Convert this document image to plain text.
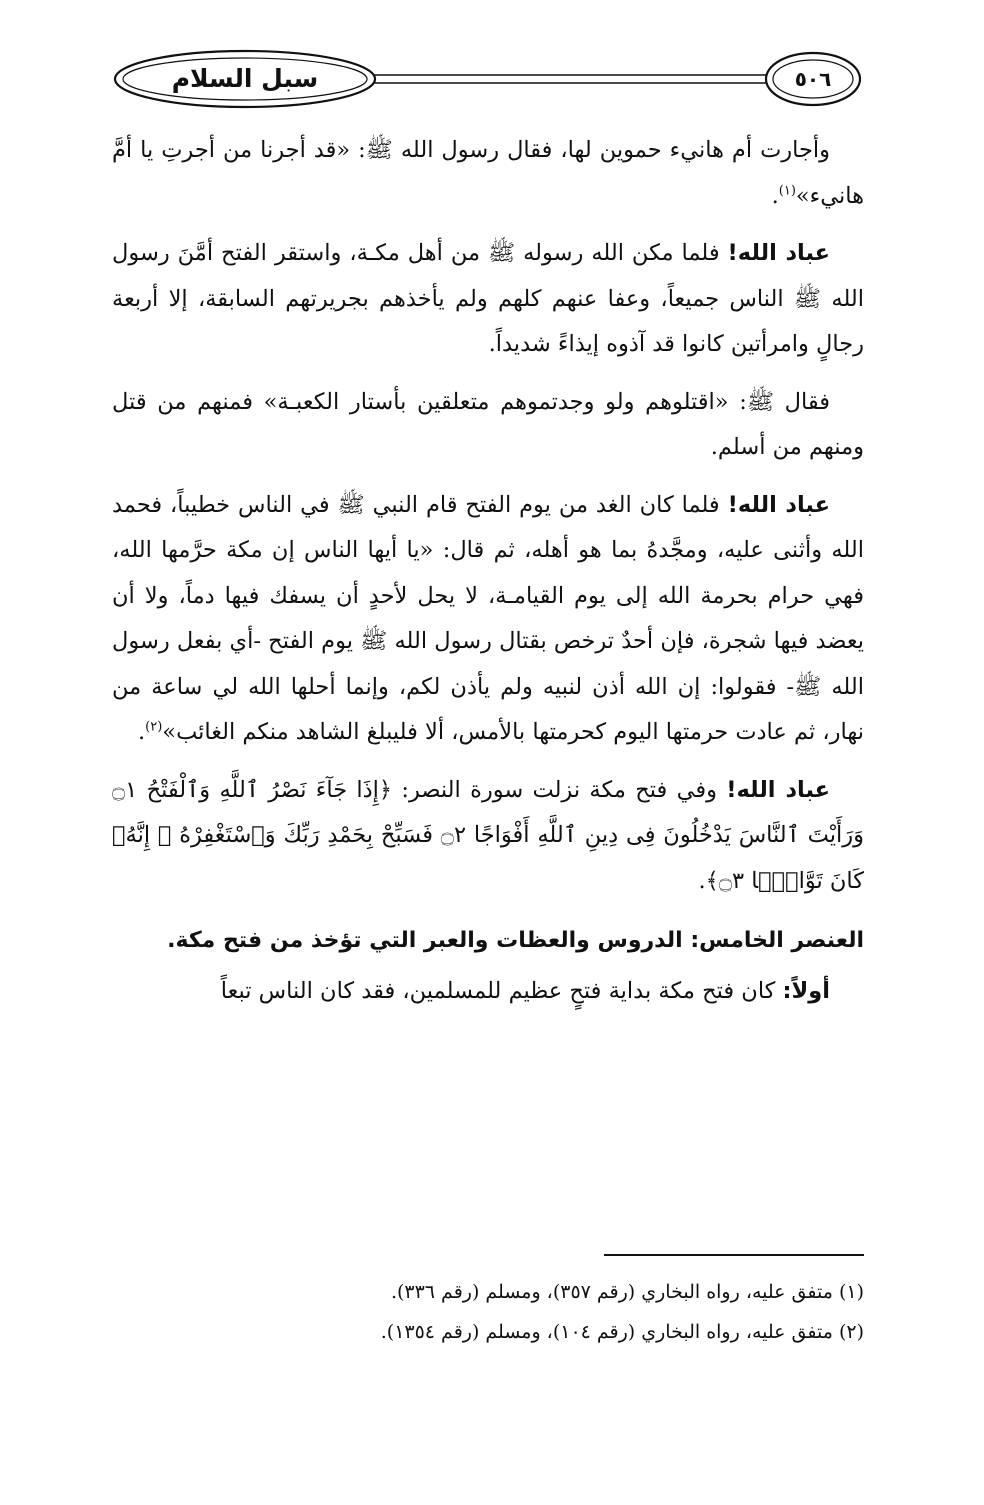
سبل السلام	٥٠٦

وأجارت أم هانيء حموين لها، فقال رسول الله ﷺ: «قد أجرنا من أجرتِ يا أمَّ هانيء»$^{(١)}$.

عباد الله! فلما مكن الله رسوله ﷺ من أهل مكـة، واستقر الفتح أمَّنَ رسول الله ﷺ الناس جميعاً، وعفا عنهم كلهم ولم يأخذهم بجريرتهم السابقة، إلا أربعة رجالٍ وامرأتين كانوا قد آذوه إيذاءً شديداً.

فقال ﷺ: «اقتلوهم ولو وجدتموهم متعلقين بأستار الكعبـة» فمنهم من قتل ومنهم من أسلم.

عباد الله! فلما كان الغد من يوم الفتح قام النبي ﷺ في الناس خطيباً، فحمد الله وأثنى عليه، ومجَّدهُ بما هو أهله، ثم قال: «يا أيها الناس إن مكة حرَّمها الله، فهي حرام بحرمة الله إلى يوم القيامـة، لا يحل لأحدٍ أن يسفك فيها دماً، ولا أن يعضد فيها شجرة، فإن أحدٌ ترخص بقتال رسول الله ﷺ يوم الفتح -أي بفعل رسول الله ﷺ- فقولوا: إن الله أذن لنبيه ولم يأذن لكم، وإنما أحلها الله لي ساعة من نهار، ثم عادت حرمتها اليوم كحرمتها بالأمس، ألا فليبلغ الشاهد منكم الغائب»$^{(٢)}$.

عباد الله! وفي فتح مكة نزلت سورة النصر: ﴿إِذَا جَآءَ نَصْرُ ٱللَّهِ وَٱلْفَتْحُ ۝١ وَرَأَيْتَ ٱلنَّاسَ يَدْخُلُونَ فِى دِينِ ٱللَّهِ أَفْوَاجًا ۝٢ فَسَبِّحْ بِحَمْدِ رَبِّكَ وَٱسْتَغْفِرْهُ ۚ إِنَّهُۥ كَانَ تَوَّابًۢا ۝٣﴾.

العنصر الخامس: الدروس والعظات والعبر التي تؤخذ من فتح مكة.

أولاً: كان فتح مكة بداية فتحٍ عظيم للمسلمين، فقد كان الناس تبعاً

(١) متفق عليه، رواه البخاري (رقم ٣٥٧)، ومسلم (رقم ٣٣٦).

(٢) متفق عليه، رواه البخاري (رقم ١٠٤)، ومسلم (رقم ١٣٥٤).
